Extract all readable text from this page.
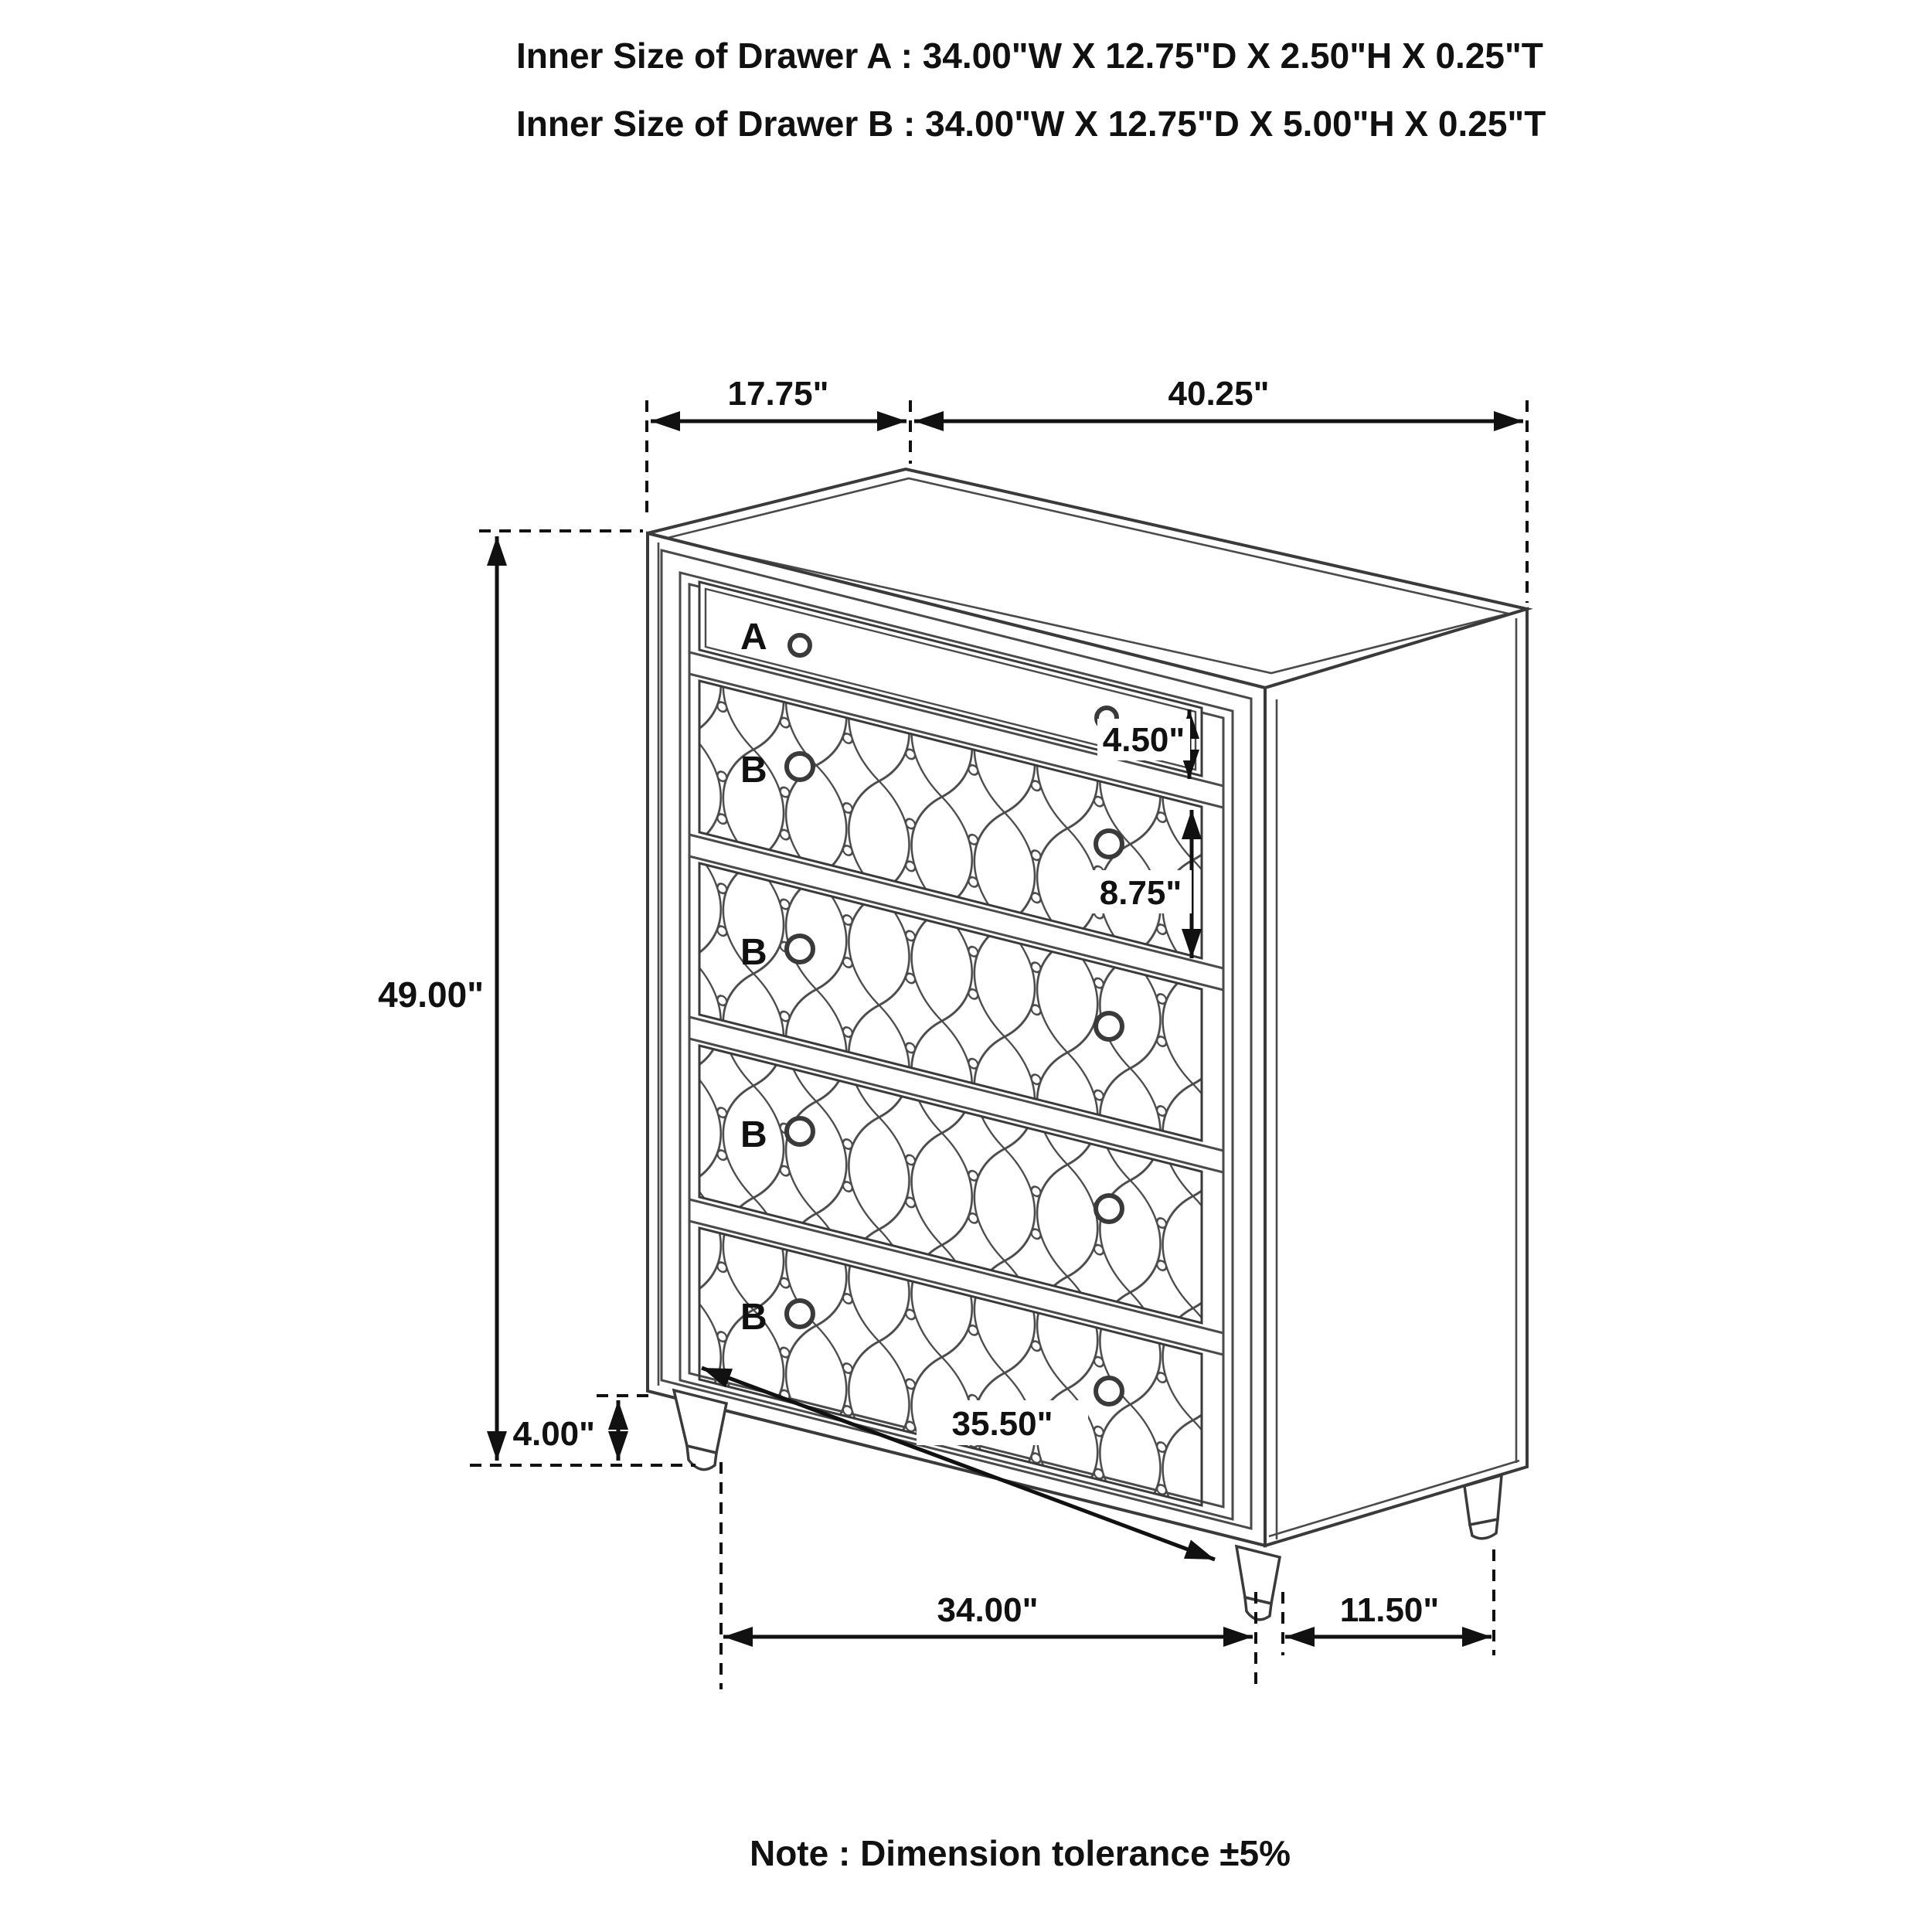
Inner Size of Drawer A : 34.00"W X 12.75"D X 2.50"H X 0.25"T
Inner Size of Drawer B : 34.00"W X 12.75"D X 5.00"H X 0.25"T
A
B
B
B
B
17.75"	40.25"
49.00"
4.00"
4.50"
8.75"
35.50"
34.00"	11.50"
Note : Dimension tolerance ±5%
